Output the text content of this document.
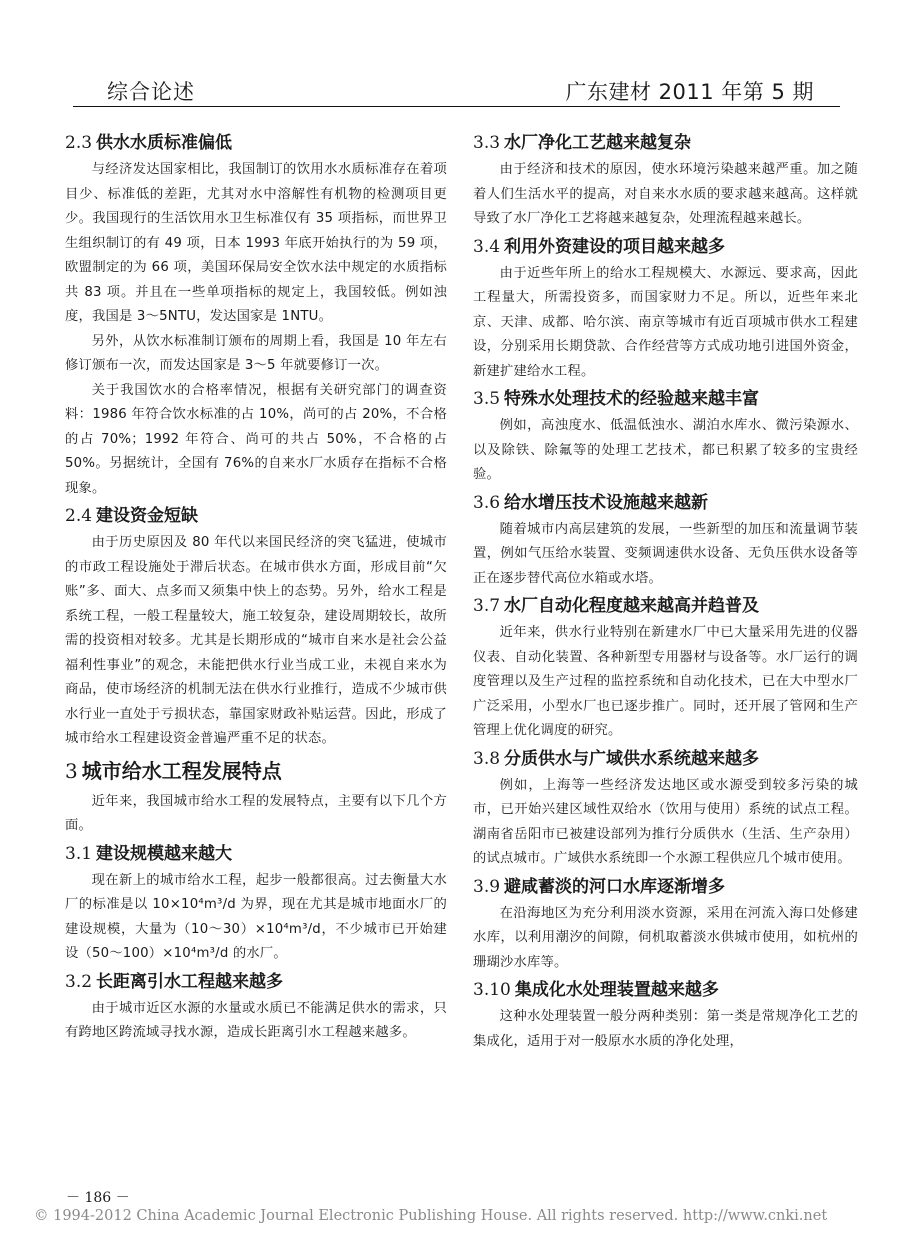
综合论述	广东建材 2011 年第 5 期
2.3 供水水质标准偏低

与经济发达国家相比，我国制订的饮用水水质标准存在着项目少、标准低的差距，尤其对水中溶解性有机物的检测项目更少。我国现行的生活饮用水卫生标准仅有 35 项指标，而世界卫生组织制订的有 49 项，日本 1993 年底开始执行的为 59 项，欧盟制定的为 66 项，美国环保局安全饮水法中规定的水质指标共 83 项。并且在一些单项指标的规定上，我国较低。例如浊度，我国是 3～5NTU，发达国家是 1NTU。

另外，从饮水标准制订颁布的周期上看，我国是 10 年左右修订颁布一次，而发达国家是 3～5 年就要修订一次。

关于我国饮水的合格率情况，根据有关研究部门的调查资料：1986 年符合饮水标准的占 10%，尚可的占 20%，不合格的占 70%；1992 年符合、尚可的共占 50%，不合格的占 50%。另据统计，全国有 76%的自来水厂水质存在指标不合格现象。

2.4 建设资金短缺

由于历史原因及 80 年代以来国民经济的突飞猛进，使城市的市政工程设施处于滞后状态。在城市供水方面，形成目前“欠账”多、面大、点多而又须集中快上的态势。另外，给水工程是系统工程，一般工程量较大，施工较复杂，建设周期较长，故所需的投资相对较多。尤其是长期形成的“城市自来水是社会公益福利性事业”的观念，未能把供水行业当成工业，未视自来水为商品，使市场经济的机制无法在供水行业推行，造成不少城市供水行业一直处于亏损状态，靠国家财政补贴运营。因此，形成了城市给水工程建设资金普遍严重不足的状态。

3 城市给水工程发展特点

近年来，我国城市给水工程的发展特点，主要有以下几个方面。

3.1 建设规模越来越大

现在新上的城市给水工程，起步一般都很高。过去衡量大水厂的标准是以 10×10⁴m³/d 为界，现在尤其是城市地面水厂的建设规模，大量为（10～30）×10⁴m³/d，不少城市已开始建设（50～100）×10⁴m³/d 的水厂。

3.2 长距离引水工程越来越多

由于城市近区水源的水量或水质已不能满足供水的需求，只有跨地区跨流域寻找水源，造成长距离引水工程越来越多。

3.3 水厂净化工艺越来越复杂

由于经济和技术的原因，使水环境污染越来越严重。加之随着人们生活水平的提高，对自来水水质的要求越来越高。这样就导致了水厂净化工艺将越来越复杂，处理流程越来越长。

3.4 利用外资建设的项目越来越多

由于近些年所上的给水工程规模大、水源远、要求高，因此工程量大，所需投资多，而国家财力不足。所以，近些年来北京、天津、成都、哈尔滨、南京等城市有近百项城市供水工程建设，分别采用长期贷款、合作经营等方式成功地引进国外资金，新建扩建给水工程。

3.5 特殊水处理技术的经验越来越丰富

例如，高浊度水、低温低浊水、湖泊水库水、微污染源水、以及除铁、除氟等的处理工艺技术，都已积累了较多的宝贵经验。

3.6 给水增压技术设施越来越新

随着城市内高层建筑的发展，一些新型的加压和流量调节装置，例如气压给水装置、变频调速供水设备、无负压供水设备等正在逐步替代高位水箱或水塔。

3.7 水厂自动化程度越来越高并趋普及

近年来，供水行业特别在新建水厂中已大量采用先进的仪器仪表、自动化装置、各种新型专用器材与设备等。水厂运行的调度管理以及生产过程的监控系统和自动化技术，已在大中型水厂广泛采用，小型水厂也已逐步推广。同时，还开展了管网和生产管理上优化调度的研究。

3.8 分质供水与广域供水系统越来越多

例如，上海等一些经济发达地区或水源受到较多污染的城市，已开始兴建区域性双给水（饮用与使用）系统的试点工程。湖南省岳阳市已被建设部列为推行分质供水（生活、生产杂用）的试点城市。广域供水系统即一个水源工程供应几个城市使用。

3.9 避咸蓄淡的河口水库逐渐增多

在沿海地区为充分利用淡水资源，采用在河流入海口处修建水库，以利用潮汐的间隙，伺机取蓄淡水供城市使用，如杭州的珊瑚沙水库等。

3.10 集成化水处理装置越来越多

这种水处理装置一般分两种类别：第一类是常规净化工艺的集成化，适用于对一般原水水质的净化处理，

－ 186 －
© 1994-2012 China Academic Journal Electronic Publishing House. All rights reserved. http://www.cnki.net
